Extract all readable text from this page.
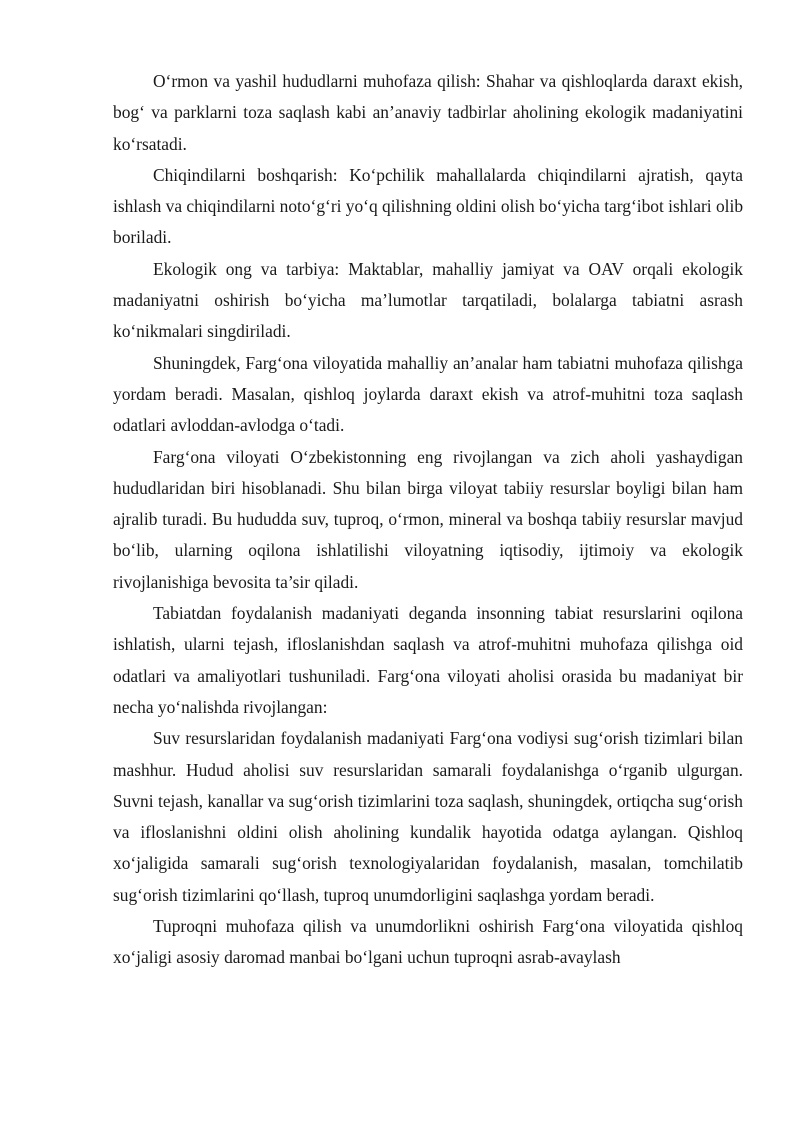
O‘rmon va yashil hududlarni muhofaza qilish: Shahar va qishloqlarda daraxt ekish, bog‘ va parklarni toza saqlash kabi an’anaviy tadbirlar aholining ekologik madaniyatini ko‘rsatadi.

Chiqindilarni boshqarish: Ko‘pchilik mahallalarda chiqindilarni ajratish, qayta ishlash va chiqindilarni noto‘g‘ri yo‘q qilishning oldini olish bo‘yicha targ‘ibot ishlari olib boriladi.

Ekologik ong va tarbiya: Maktablar, mahalliy jamiyat va OAV orqali ekologik madaniyatni oshirish bo‘yicha ma’lumotlar tarqatiladi, bolalarga tabiatni asrash ko‘nikmalari singdiriladi.

Shuningdek, Farg‘ona viloyatida mahalliy an’analar ham tabiatni muhofaza qilishga yordam beradi. Masalan, qishloq joylarda daraxt ekish va atrof-muhitni toza saqlash odatlari avloddan-avlodga o‘tadi.

Farg‘ona viloyati O‘zbekistonning eng rivojlangan va zich aholi yashaydigan hududlaridan biri hisoblanadi. Shu bilan birga viloyat tabiiy resurslar boyligi bilan ham ajralib turadi. Bu hududda suv, tuproq, o‘rmon, mineral va boshqa tabiiy resurslar mavjud bo‘lib, ularning oqilona ishlatilishi viloyatning iqtisodiy, ijtimoiy va ekologik rivojlanishiga bevosita ta’sir qiladi.

Tabiatdan foydalanish madaniyati deganda insonning tabiat resurslarini oqilona ishlatish, ularni tejash, ifloslanishdan saqlash va atrof-muhitni muhofaza qilishga oid odatlari va amaliyotlari tushuniladi. Farg‘ona viloyati aholisi orasida bu madaniyat bir necha yo‘nalishda rivojlangan:

Suv resurslaridan foydalanish madaniyati Farg‘ona vodiysi sug‘orish tizimlari bilan mashhur. Hudud aholisi suv resurslaridan samarali foydalanishga o‘rganib ulgurgan. Suvni tejash, kanallar va sug‘orish tizimlarini toza saqlash, shuningdek, ortiqcha sug‘orish va ifloslanishni oldini olish aholining kundalik hayotida odatga aylangan. Qishloq xo‘jaligida samarali sug‘orish texnologiyalaridan foydalanish, masalan, tomchilatib sug‘orish tizimlarini qo‘llash, tuproq unumdorligini saqlashga yordam beradi.

Tuproqni muhofaza qilish va unumdorlikni oshirish Farg‘ona viloyatida qishloq xo‘jaligi asosiy daromad manbai bo‘lgani uchun tuproqni asrab-avaylash
